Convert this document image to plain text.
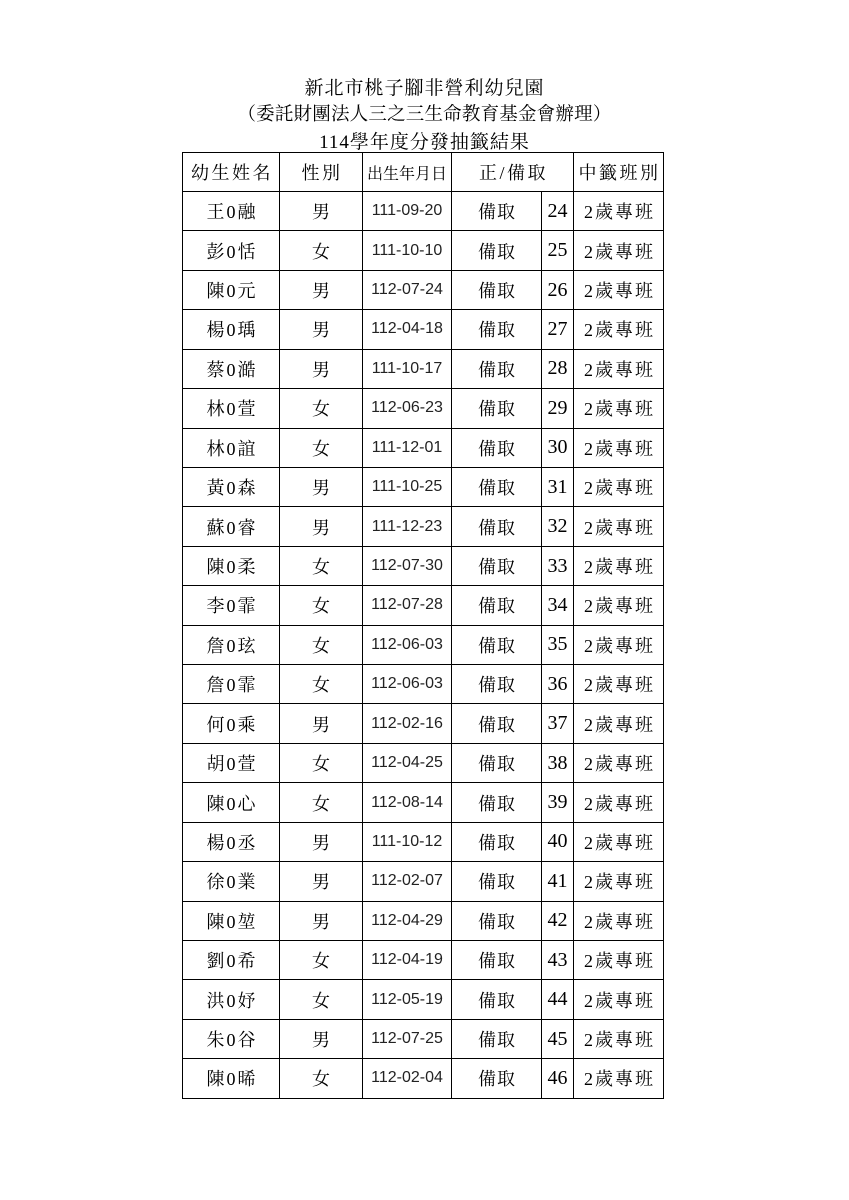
新北市桃子腳非營利幼兒園
（委託財團法人三之三生命教育基金會辦理）
114學年度分發抽籤結果
幼生姓名	性別	出生年月日	正/備取	中籤班別
王0融	男	111-09-20	備取	24 2歲專班
彭0恬	女	111-10-10	備取	25 2歲專班
陳0元	男	112-07-24	備取	26 2歲專班
楊0瑀	男	112-04-18	備取	27 2歲專班
蔡0澔	男	111-10-17	備取	28 2歲專班
林0萱	女	112-06-23	備取	29 2歲專班
林0誼	女	111-12-01	備取	30 2歲專班
黃0森	男	111-10-25	備取	31 2歲專班
蘇0睿	男	111-12-23	備取	32 2歲專班
陳0柔	女	112-07-30	備取	33 2歲專班
李0霏	女	112-07-28	備取	34 2歲專班
詹0玹	女	112-06-03	備取	35 2歲專班
詹0霏	女	112-06-03	備取	36 2歲專班
何0乘	男	112-02-16	備取	37 2歲專班
胡0萱	女	112-04-25	備取	38 2歲專班
陳0心	女	112-08-14	備取	39 2歲專班
楊0丞	男	111-10-12	備取	40 2歲專班
徐0業	男	112-02-07	備取	41 2歲專班
陳0堃	男	112-04-29	備取	42 2歲專班
劉0希	女	112-04-19	備取	43 2歲專班
洪0妤	女	112-05-19	備取	44 2歲專班
朱0谷	男	112-07-25	備取	45 2歲專班
陳0晞	女	112-02-04	備取	46 2歲專班
